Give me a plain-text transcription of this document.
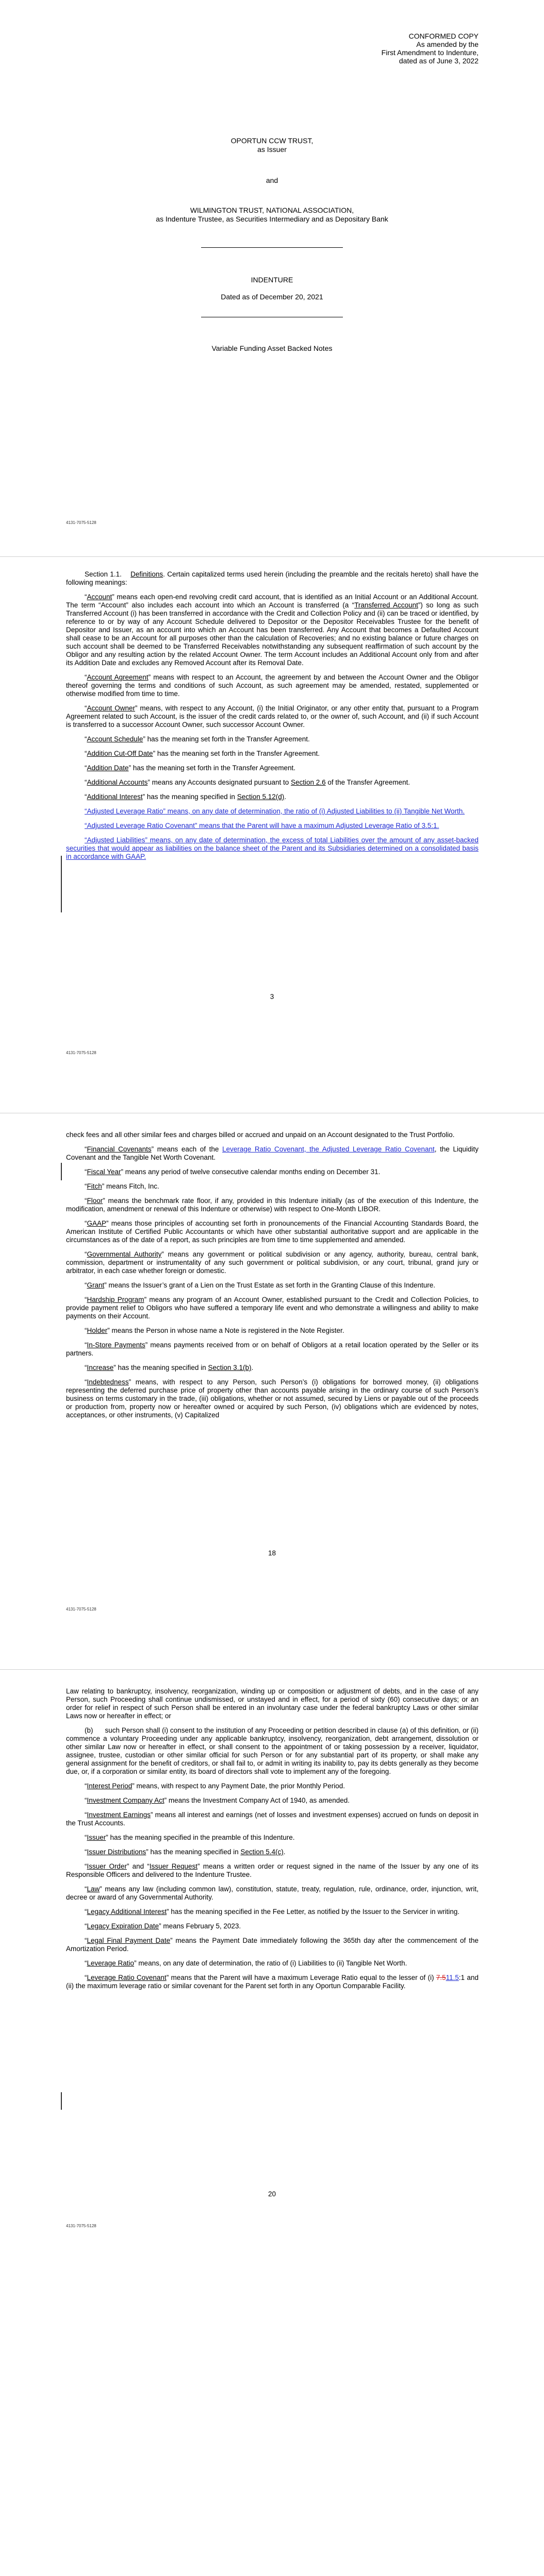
CONFORMED COPY
As amended by the
First Amendment to Indenture,
dated as of June 3, 2022
OPORTUN CCW TRUST,
as Issuer
and
WILMINGTON TRUST, NATIONAL ASSOCIATION,
as Indenture Trustee, as Securities Intermediary and as Depositary Bank
INDENTURE
Dated as of December 20, 2021
Variable Funding Asset Backed Notes
4131-7075-5128

Section 1.1. Definitions. Certain capitalized terms used herein (including the preamble and the recitals hereto) shall have the following meanings:

“Account” means each open-end revolving credit card account, that is identified as an Initial Account or an Additional Account. The term “Account” also includes each account into which an Account is transferred (a “Transferred Account”) so long as such Transferred Account (i) has been transferred in accordance with the Credit and Collection Policy and (ii) can be traced or identified, by reference to or by way of any Account Schedule delivered to Depositor or the Depositor Receivables Trustee for the benefit of Depositor and Issuer, as an account into which an Account has been transferred. Any Account that becomes a Defaulted Account shall cease to be an Account for all purposes other than the calculation of Recoveries; and no existing balance or future charges on such account shall be deemed to be Transferred Receivables notwithstanding any subsequent reaffirmation of such account by the Obligor and any resulting action by the related Account Owner. The term Account includes an Additional Account only from and after its Addition Date and excludes any Removed Account after its Removal Date.

“Account Agreement” means with respect to an Account, the agreement by and between the Account Owner and the Obligor thereof governing the terms and conditions of such Account, as such agreement may be amended, restated, supplemented or otherwise modified from time to time.

“Account Owner” means, with respect to any Account, (i) the Initial Originator, or any other entity that, pursuant to a Program Agreement related to such Account, is the issuer of the credit cards related to, or the owner of, such Account, and (ii) if such Account is transferred to a successor Account Owner, such successor Account Owner.

“Account Schedule” has the meaning set forth in the Transfer Agreement.

“Addition Cut-Off Date” has the meaning set forth in the Transfer Agreement.

“Addition Date” has the meaning set forth in the Transfer Agreement.

“Additional Accounts” means any Accounts designated pursuant to Section 2.6 of the Transfer Agreement.

“Additional Interest” has the meaning specified in Section 5.12(d).

“Adjusted Leverage Ratio” means, on any date of determination, the ratio of (i) Adjusted Liabilities to (ii) Tangible Net Worth.

“Adjusted Leverage Ratio Covenant” means that the Parent will have a maximum Adjusted Leverage Ratio of 3.5:1.

“Adjusted Liabilities” means, on any date of determination, the excess of total Liabilities over the amount of any asset-backed securities that would appear as liabilities on the balance sheet of the Parent and its Subsidiaries determined on a consolidated basis in accordance with GAAP.

3
4131-7075-5128

check fees and all other similar fees and charges billed or accrued and unpaid on an Account designated to the Trust Portfolio.

“Financial Covenants” means each of the Leverage Ratio Covenant, the Adjusted Leverage Ratio Covenant, the Liquidity Covenant and the Tangible Net Worth Covenant.

“Fiscal Year” means any period of twelve consecutive calendar months ending on December 31.

“Fitch” means Fitch, Inc.

“Floor” means the benchmark rate floor, if any, provided in this Indenture initially (as of the execution of this Indenture, the modification, amendment or renewal of this Indenture or otherwise) with respect to One-Month LIBOR.

“GAAP” means those principles of accounting set forth in pronouncements of the Financial Accounting Standards Board, the American Institute of Certified Public Accountants or which have other substantial authoritative support and are applicable in the circumstances as of the date of a report, as such principles are from time to time supplemented and amended.

“Governmental Authority” means any government or political subdivision or any agency, authority, bureau, central bank, commission, department or instrumentality of any such government or political subdivision, or any court, tribunal, grand jury or arbitrator, in each case whether foreign or domestic.

“Grant” means the Issuer’s grant of a Lien on the Trust Estate as set forth in the Granting Clause of this Indenture.

“Hardship Program” means any program of an Account Owner, established pursuant to the Credit and Collection Policies, to provide payment relief to Obligors who have suffered a temporary life event and who demonstrate a willingness and ability to make payments on their Account.

“Holder” means the Person in whose name a Note is registered in the Note Register.

“In-Store Payments” means payments received from or on behalf of Obligors at a retail location operated by the Seller or its partners.

“Increase” has the meaning specified in Section 3.1(b).

“Indebtedness” means, with respect to any Person, such Person’s (i) obligations for borrowed money, (ii) obligations representing the deferred purchase price of property other than accounts payable arising in the ordinary course of such Person’s business on terms customary in the trade, (iii) obligations, whether or not assumed, secured by Liens or payable out of the proceeds or production from, property now or hereafter owned or acquired by such Person, (iv) obligations which are evidenced by notes, acceptances, or other instruments, (v) Capitalized

18
4131-7075-5128

Law relating to bankruptcy, insolvency, reorganization, winding up or composition or adjustment of debts, and in the case of any Person, such Proceeding shall continue undismissed, or unstayed and in effect, for a period of sixty (60) consecutive days; or an order for relief in respect of such Person shall be entered in an involuntary case under the federal bankruptcy Laws or other similar Laws now or hereafter in effect; or

(b) such Person shall (i) consent to the institution of any Proceeding or petition described in clause (a) of this definition, or (ii) commence a voluntary Proceeding under any applicable bankruptcy, insolvency, reorganization, debt arrangement, dissolution or other similar Law now or hereafter in effect, or shall consent to the appointment of or taking possession by a receiver, liquidator, assignee, trustee, custodian or other similar official for such Person or for any substantial part of its property, or shall make any general assignment for the benefit of creditors, or shall fail to, or admit in writing its inability to, pay its debts generally as they become due, or, if a corporation or similar entity, its board of directors shall vote to implement any of the foregoing.

“Interest Period” means, with respect to any Payment Date, the prior Monthly Period.

“Investment Company Act” means the Investment Company Act of 1940, as amended.

“Investment Earnings” means all interest and earnings (net of losses and investment expenses) accrued on funds on deposit in the Trust Accounts.

“Issuer” has the meaning specified in the preamble of this Indenture.

“Issuer Distributions” has the meaning specified in Section 5.4(c).

“Issuer Order” and “Issuer Request” means a written order or request signed in the name of the Issuer by any one of its Responsible Officers and delivered to the Indenture Trustee.

“Law” means any law (including common law), constitution, statute, treaty, regulation, rule, ordinance, order, injunction, writ, decree or award of any Governmental Authority.

“Legacy Additional Interest” has the meaning specified in the Fee Letter, as notified by the Issuer to the Servicer in writing.

“Legacy Expiration Date” means February 5, 2023.

“Legal Final Payment Date” means the Payment Date immediately following the 365th day after the commencement of the Amortization Period.

“Leverage Ratio” means, on any date of determination, the ratio of (i) Liabilities to (ii) Tangible Net Worth.

“Leverage Ratio Covenant” means that the Parent will have a maximum Leverage Ratio equal to the lesser of (i) 7.511.5:1 and (ii) the maximum leverage ratio or similar covenant for the Parent set forth in any Oportun Comparable Facility.

20
4131-7075-5128
